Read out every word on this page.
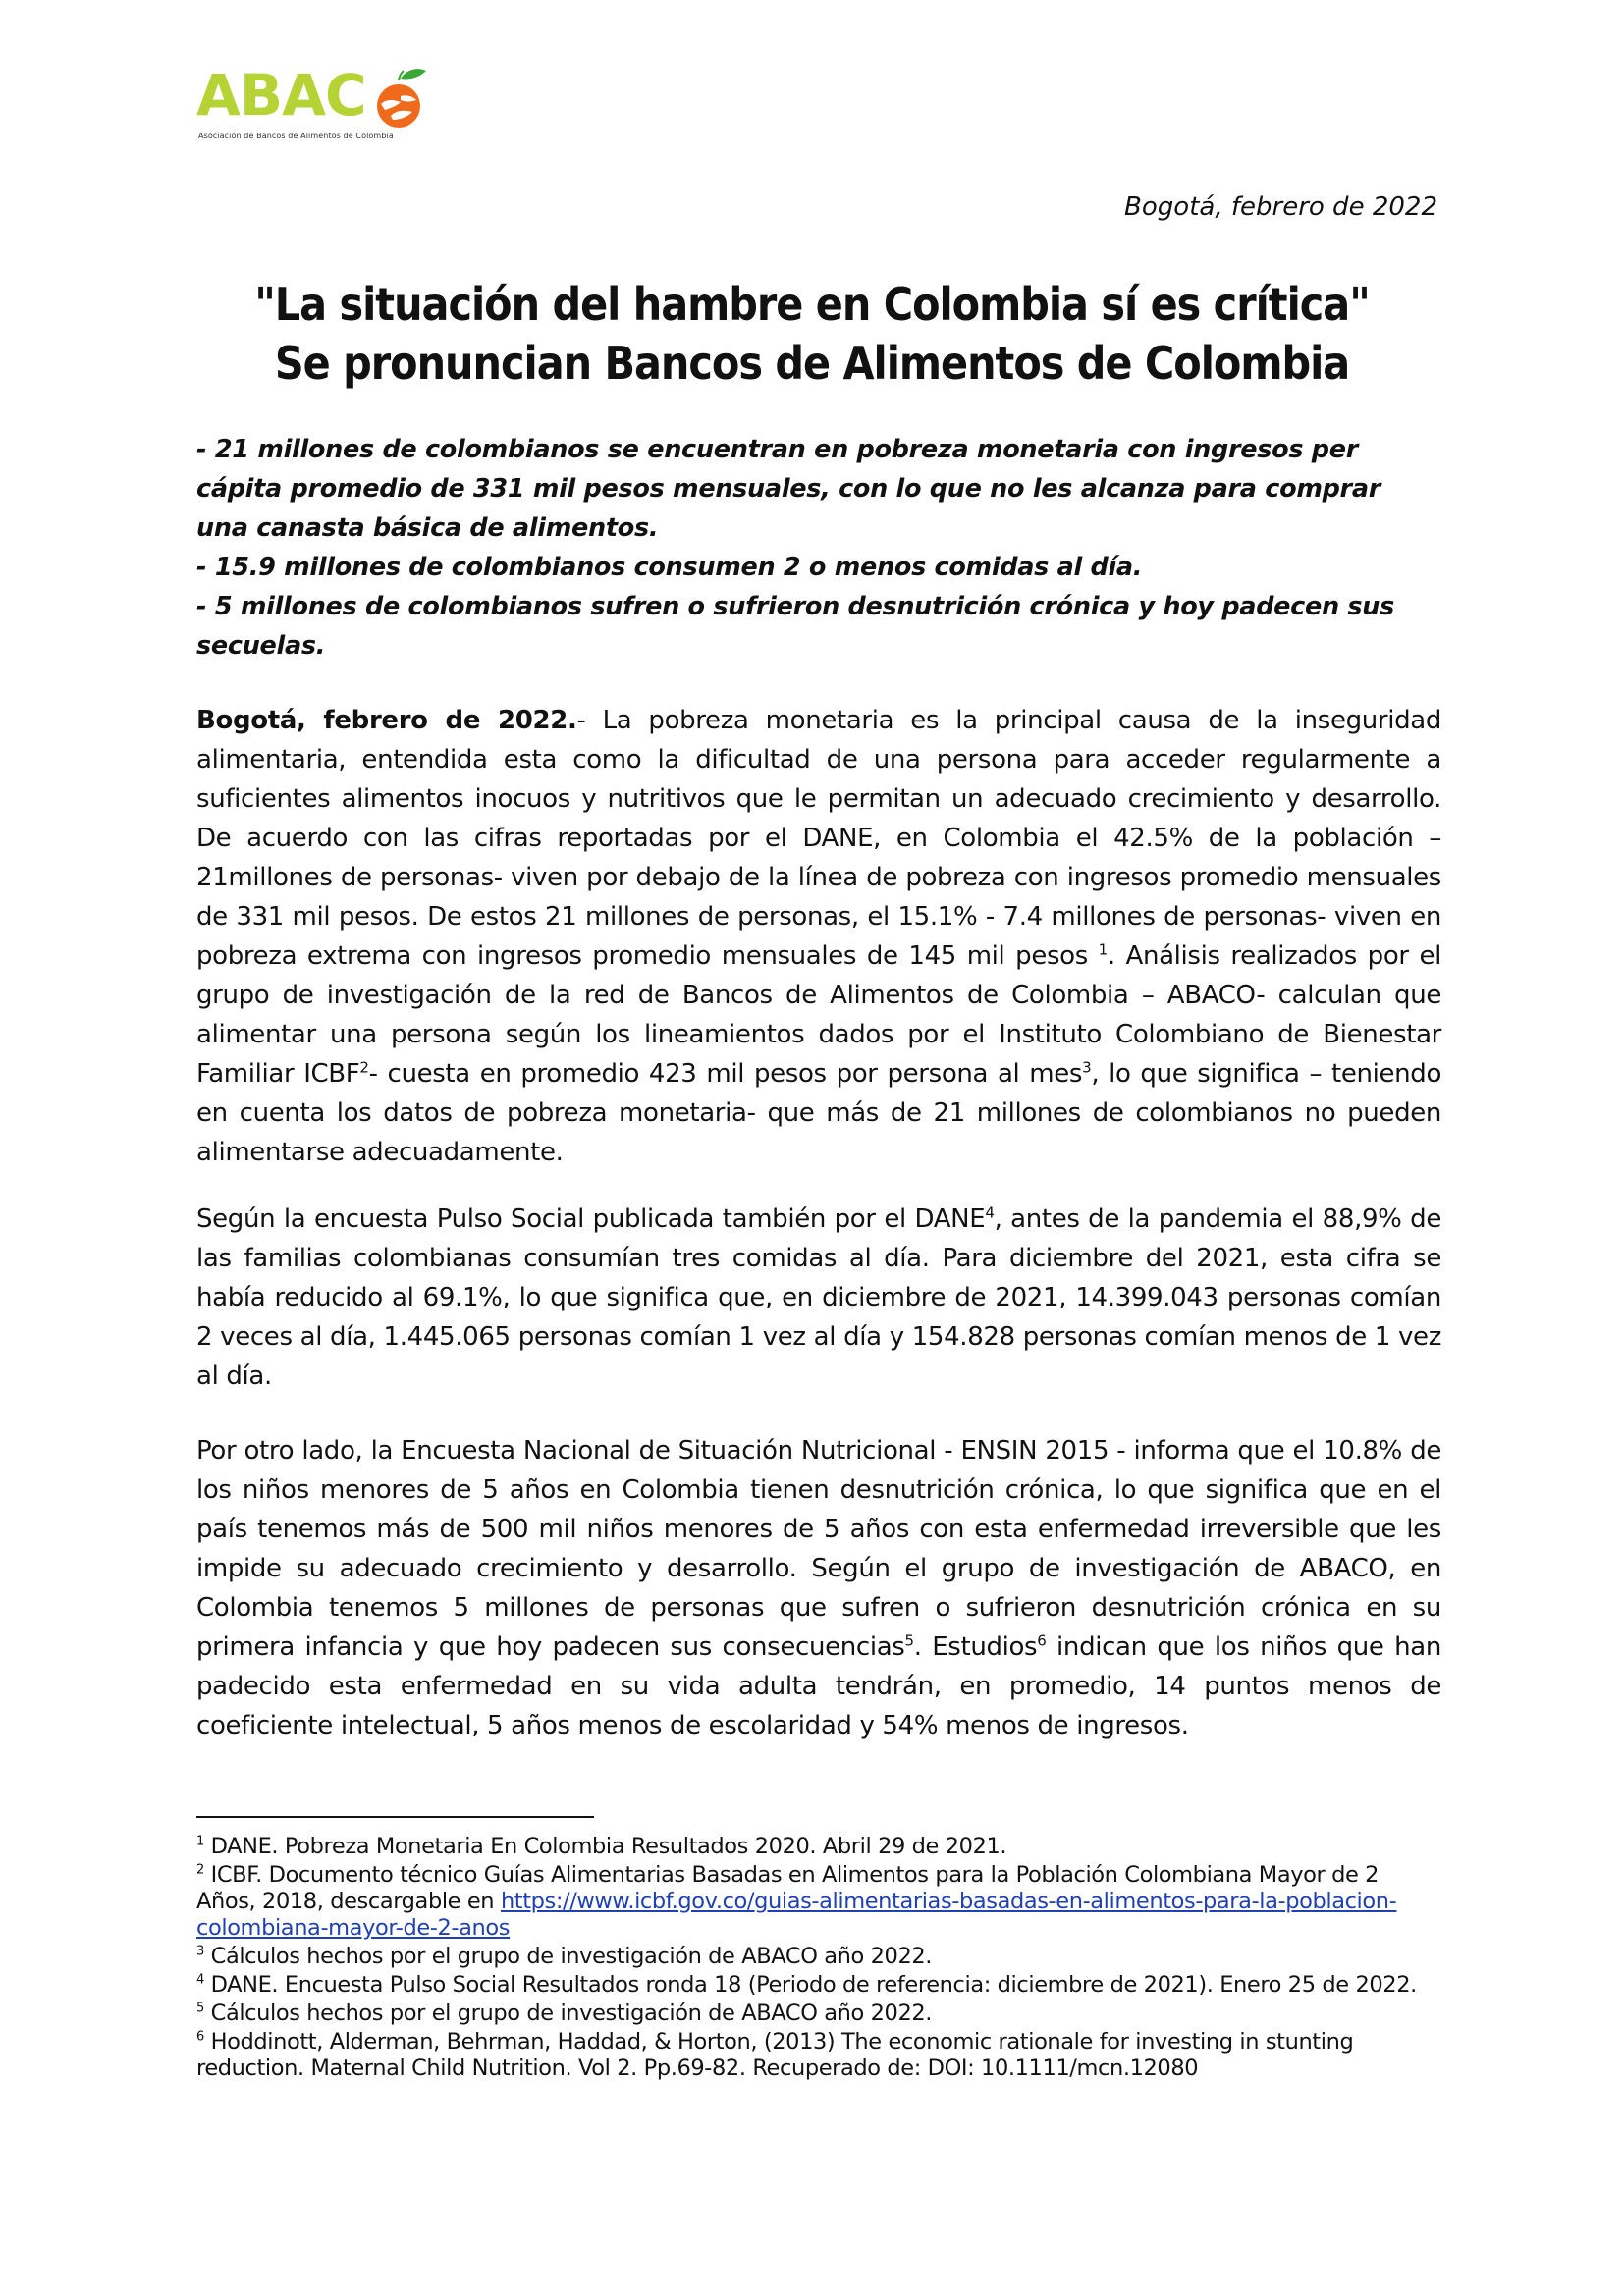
ABAC
Asociación de Bancos de Alimentos de Colombia
Bogotá, febrero de 2022
"La situación del hambre en Colombia sí es crítica"
Se pronuncian Bancos de Alimentos de Colombia

- 21 millones de colombianos se encuentran en pobreza monetaria con ingresos per cápita promedio de 331 mil pesos mensuales, con lo que no les alcanza para comprar una canasta básica de alimentos.

- 15.9 millones de colombianos consumen 2 o menos comidas al día.

- 5 millones de colombianos sufren o sufrieron desnutrición crónica y hoy padecen sus secuelas.

Bogotá, febrero de 2022.- La pobreza monetaria es la principal causa de la inseguridad alimentaria, entendida esta como la dificultad de una persona para acceder regularmente a suficientes alimentos inocuos y nutritivos que le permitan un adecuado crecimiento y desarrollo. De acuerdo con las cifras reportadas por el DANE, en Colombia el 42.5% de la población – 21millones de personas- viven por debajo de la línea de pobreza con ingresos promedio mensuales de 331 mil pesos. De estos 21 millones de personas, el 15.1% - 7.4 millones de personas- viven en pobreza extrema con ingresos promedio mensuales de 145 mil pesos $^1$. Análisis realizados por el grupo de investigación de la red de Bancos de Alimentos de Colombia – ABACO- calculan que alimentar una persona según los lineamientos dados por el Instituto Colombiano de Bienestar Familiar ICBF$^2$- cuesta en promedio 423 mil pesos por persona al mes$^3$, lo que significa – teniendo en cuenta los datos de pobreza monetaria- que más de 21 millones de colombianos no pueden alimentarse adecuadamente.

Según la encuesta Pulso Social publicada también por el DANE$^4$, antes de la pandemia el 88,9% de las familias colombianas consumían tres comidas al día. Para diciembre del 2021, esta cifra se había reducido al 69.1%, lo que significa que, en diciembre de 2021, 14.399.043 personas comían 2 veces al día, 1.445.065 personas comían 1 vez al día y 154.828 personas comían menos de 1 vez al día.

Por otro lado, la Encuesta Nacional de Situación Nutricional - ENSIN 2015 - informa que el 10.8% de los niños menores de 5 años en Colombia tienen desnutrición crónica, lo que significa que en el país tenemos más de 500 mil niños menores de 5 años con esta enfermedad irreversible que les impide su adecuado crecimiento y desarrollo. Según el grupo de investigación de ABACO, en Colombia tenemos 5 millones de personas que sufren o sufrieron desnutrición crónica en su primera infancia y que hoy padecen sus consecuencias$^5$. Estudios$^6$ indican que los niños que han padecido esta enfermedad en su vida adulta tendrán, en promedio, 14 puntos menos de coeficiente intelectual, 5 años menos de escolaridad y 54% menos de ingresos.

$^1$ DANE. Pobreza Monetaria En Colombia Resultados 2020. Abril 29 de 2021.

$^2$ ICBF. Documento técnico Guías Alimentarias Basadas en Alimentos para la Población Colombiana Mayor de 2 Años, 2018, descargable en https://www.icbf.gov.co/guias-alimentarias-basadas-en-alimentos-para-la-poblacion-colombiana-mayor-de-2-anos

$^3$ Cálculos hechos por el grupo de investigación de ABACO año 2022.

$^4$ DANE. Encuesta Pulso Social Resultados ronda 18 (Periodo de referencia: diciembre de 2021). Enero 25 de 2022.

$^5$ Cálculos hechos por el grupo de investigación de ABACO año 2022.

$^6$ Hoddinott, Alderman, Behrman, Haddad, & Horton, (2013) The economic rationale for investing in stunting reduction. Maternal Child Nutrition. Vol 2. Pp.69-82. Recuperado de: DOI: 10.1111/mcn.12080
